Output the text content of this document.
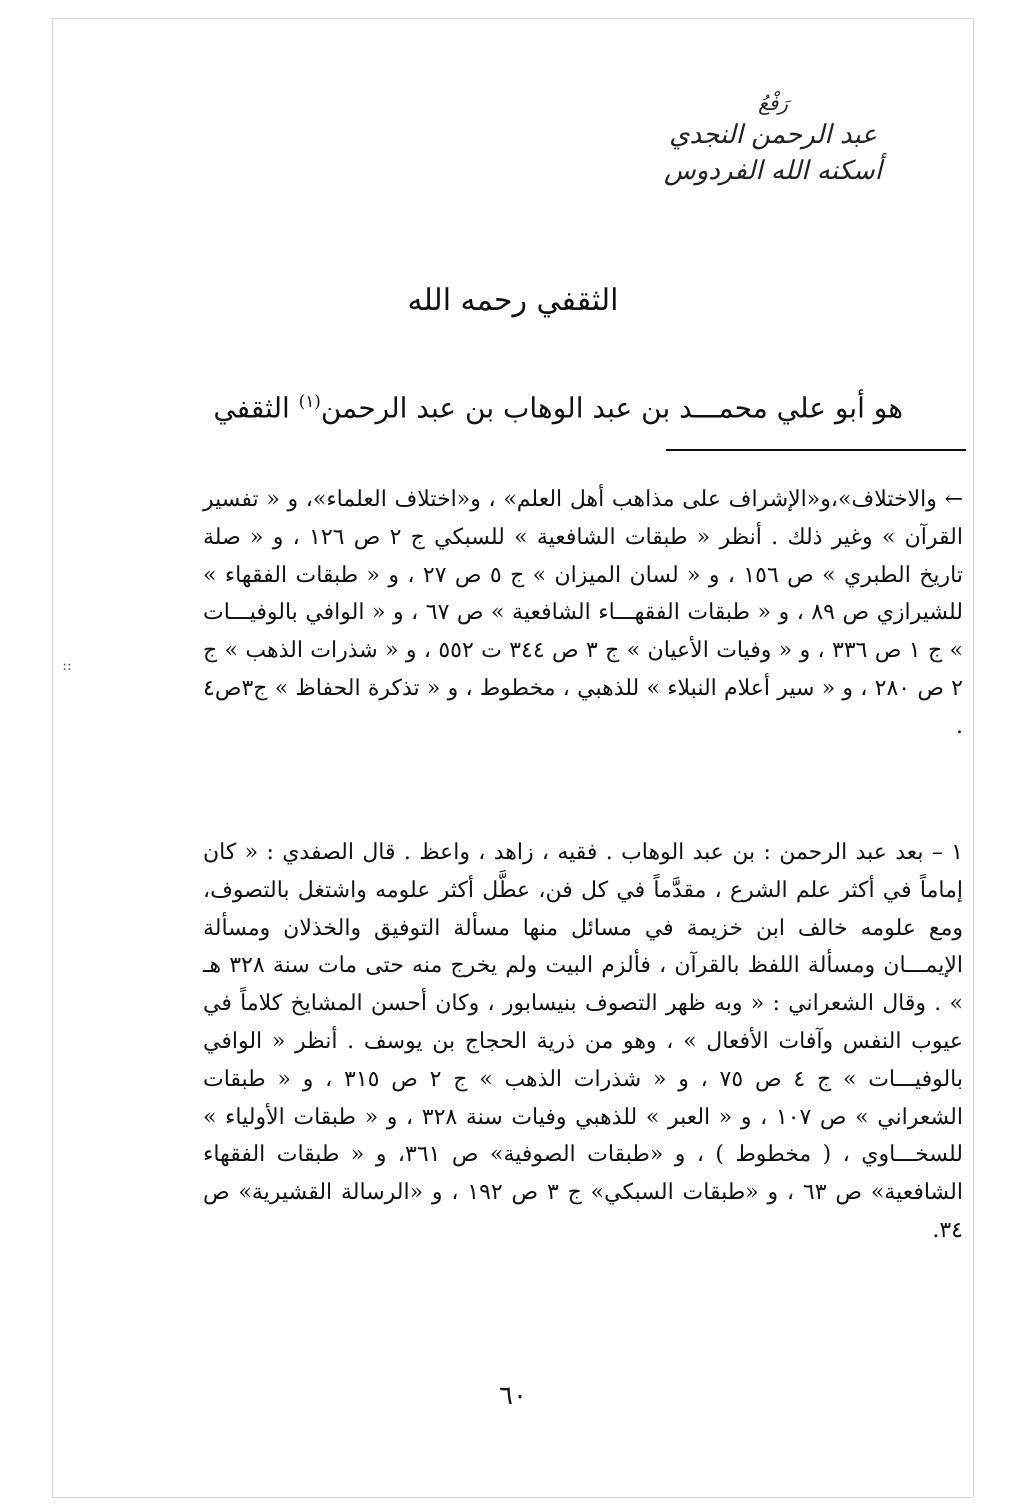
رَفْعُ
عبد الرحمن النجدي
أسكنه الله الفردوس
الثقفي رحمه الله
هو أبو علي محمـــد بن عبد الوهاب بن عبد الرحمن$^{(١)}$ الثقفي
← والاختلاف»،و«الإشراف على مذاهب أهل العلم» ، و«اختلاف العلماء»، و « تفسير القرآن » وغير ذلك . أنظر « طبقات الشافعية » للسبكي ج ٢ ص ١٢٦ ، و « صلة تاريخ الطبري » ص ١٥٦ ، و « لسان الميزان » ج ٥ ص ٢٧ ، و « طبقات الفقهاء » للشيرازي ص ٨٩ ، و « طبقات الفقهـــاء الشافعية » ص ٦٧ ، و « الوافي بالوفيـــات » ج ١ ص ٣٣٦ ، و « وفيات الأعيان » ج ٣ ص ٣٤٤ ت ٥٥٢ ، و « شذرات الذهب » ج ٢ ص ٢٨٠ ، و « سير أعلام النبلاء » للذهبي ، مخطوط ، و « تذكرة الحفاظ » ج٣ص٤ .
١ – بعد عبد الرحمن : بن عبد الوهاب . فقيه ، زاهد ، واعظ . قال الصفدي : « كان إماماً في أكثر علم الشرع ، مقدَّماً في كل فن، عطَّل أكثر علومه واشتغل بالتصوف، ومع علومه خالف ابن خزيمة في مسائل منها مسألة التوفيق والخذلان ومسألة الإيمـــان ومسألة اللفظ بالقرآن ، فألزم البيت ولم يخرج منه حتى مات سنة ٣٢٨ هـ » . وقال الشعراني : « وبه ظهر التصوف بنيسابور ، وكان أحسن المشايخ كلاماً في عيوب النفس وآفات الأفعال » ، وهو من ذرية الحجاج بن يوسف . أنظر « الوافي بالوفيـــات » ج ٤ ص ٧٥ ، و « شذرات الذهب » ج ٢ ص ٣١٥ ، و « طبقات الشعراني » ص ١٠٧ ، و « العبر » للذهبي وفيات سنة ٣٢٨ ، و « طبقات الأولياء » للسخـــاوي ، ( مخطوط ) ، و «طبقات الصوفية» ص ٣٦١، و « طبقات الفقهاء الشافعية» ص ٦٣ ، و «طبقات السبكي» ج ٣ ص ١٩٢ ، و «الرسالة القشيرية» ص ٣٤.
٦٠
::
